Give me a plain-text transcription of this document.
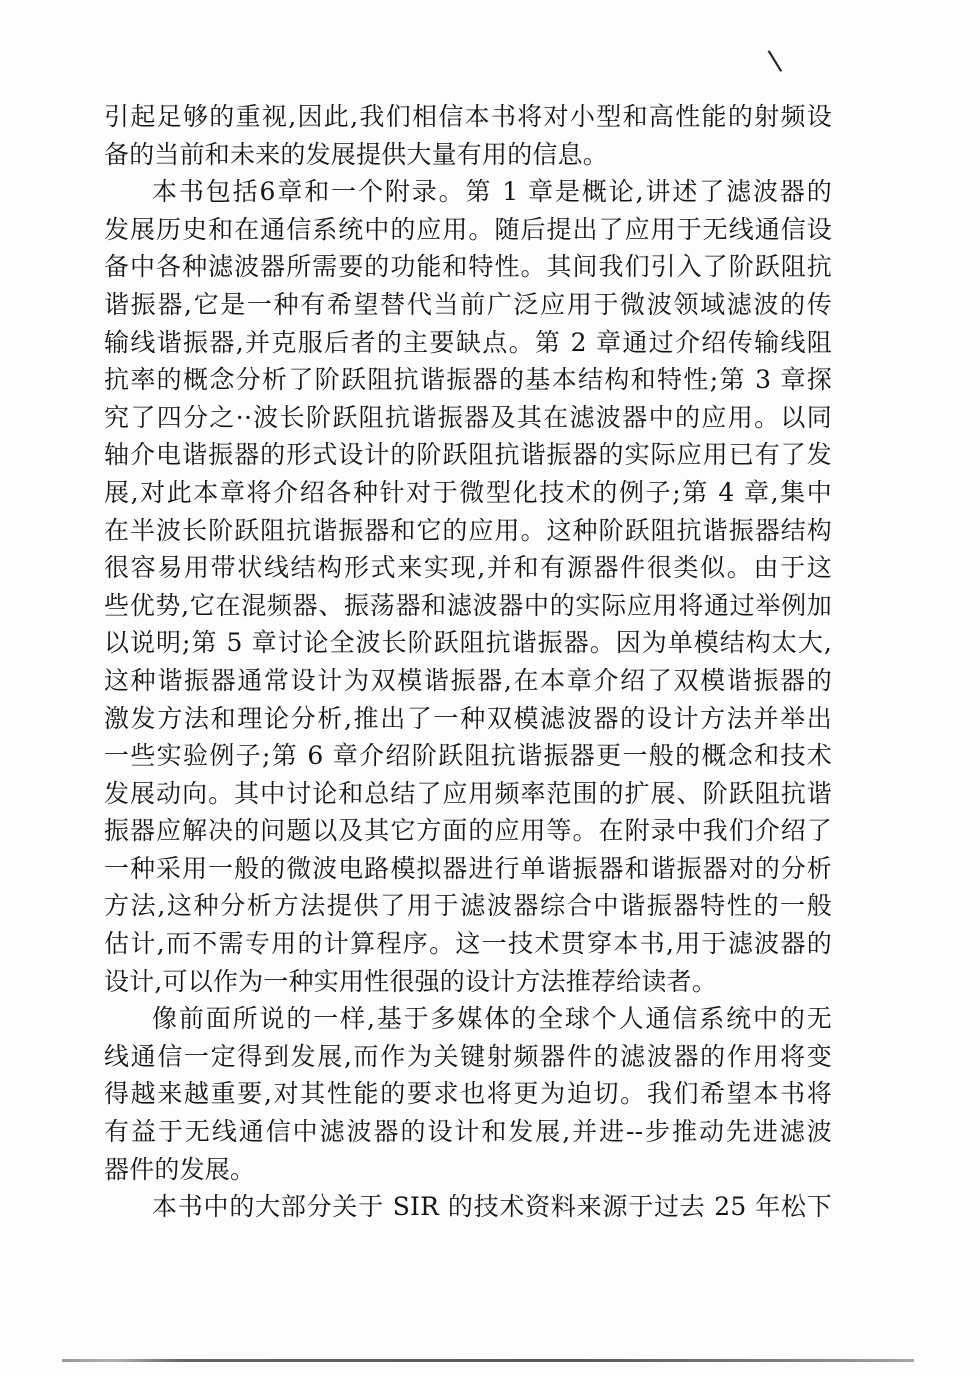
\
引起足够的重视,因此,我们相信本书将对小型和高性能的射频设
备的当前和未来的发展提供大量有用的信息。
本书包括6章和一个附录。第 1 章是概论,讲述了滤波器的
发展历史和在通信系统中的应用。随后提出了应用于无线通信设
备中各种滤波器所需要的功能和特性。其间我们引入了阶跃阻抗
谐振器,它是一种有希望替代当前广泛应用于微波领域滤波的传
输线谐振器,并克服后者的主要缺点。第 2 章通过介绍传输线阻
抗率的概念分析了阶跃阻抗谐振器的基本结构和特性;第 3 章探
究了四分之··波长阶跃阻抗谐振器及其在滤波器中的应用。以同
轴介电谐振器的形式设计的阶跃阻抗谐振器的实际应用已有了发
展,对此本章将介绍各种针对于微型化技术的例子;第 4 章,集中
在半波长阶跃阻抗谐振器和它的应用。这种阶跃阻抗谐振器结构
很容易用带状线结构形式来实现,并和有源器件很类似。由于这
些优势,它在混频器、振荡器和滤波器中的实际应用将通过举例加
以说明;第 5 章讨论全波长阶跃阻抗谐振器。因为单模结构太大,
这种谐振器通常设计为双模谐振器,在本章介绍了双模谐振器的
激发方法和理论分析,推出了一种双模滤波器的设计方法并举出
一些实验例子;第 6 章介绍阶跃阻抗谐振器更一般的概念和技术
发展动向。其中讨论和总结了应用频率范围的扩展、阶跃阻抗谐
振器应解决的问题以及其它方面的应用等。在附录中我们介绍了
一种采用一般的微波电路模拟器进行单谐振器和谐振器对的分析
方法,这种分析方法提供了用于滤波器综合中谐振器特性的一般
估计,而不需专用的计算程序。这一技术贯穿本书,用于滤波器的
设计,可以作为一种实用性很强的设计方法推荐给读者。
像前面所说的一样,基于多媒体的全球个人通信系统中的无
线通信一定得到发展,而作为关键射频器件的滤波器的作用将变
得越来越重要,对其性能的要求也将更为迫切。我们希望本书将
有益于无线通信中滤波器的设计和发展,并进--步推动先进滤波
器件的发展。
本书中的大部分关于 SIR 的技术资料来源于过去 25 年松下
